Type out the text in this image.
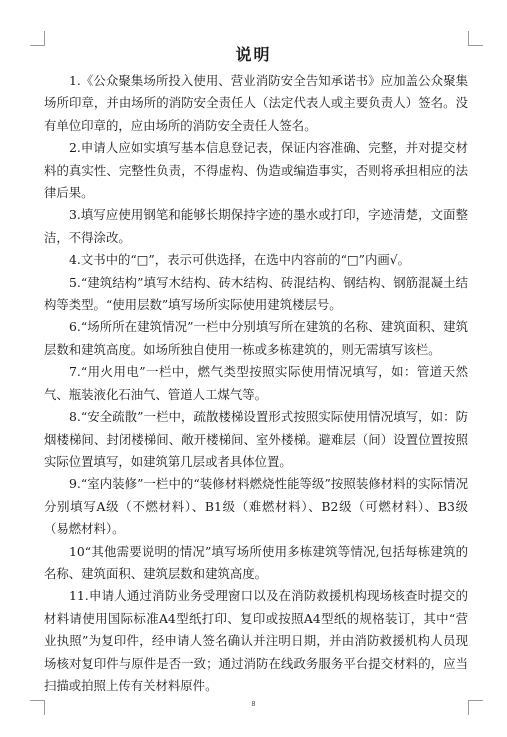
说明

1.《公众聚集场所投入使用、营业消防安全告知承诺书》应加盖公众聚集场所印章，并由场所的消防安全责任人（法定代表人或主要负责人）签名。没有单位印章的，应由场所的消防安全责任人签名。

2.申请人应如实填写基本信息登记表，保证内容准确、完整，并对提交材料的真实性、完整性负责，不得虚构、伪造或编造事实，否则将承担相应的法律后果。

3.填写应使用钢笔和能够长期保持字迹的墨水或打印，字迹清楚，文面整洁，不得涂改。

4.文书中的“□”，表示可供选择，在选中内容前的“□”内画√。

5.“建筑结构”填写木结构、砖木结构、砖混结构、钢结构、钢筋混凝土结构等类型。“使用层数”填写场所实际使用建筑楼层号。

6.“场所所在建筑情况”一栏中分别填写所在建筑的名称、建筑面积、建筑层数和建筑高度。如场所独自使用一栋或多栋建筑的，则无需填写该栏。

7.“用火用电”一栏中，燃气类型按照实际使用情况填写，如：管道天然气、瓶装液化石油气、管道人工煤气等。

8.“安全疏散”一栏中，疏散楼梯设置形式按照实际使用情况填写，如：防烟楼梯间、封闭楼梯间、敞开楼梯间、室外楼梯。避难层（间）设置位置按照实际位置填写，如建筑第几层或者具体位置。

9.“室内装修”一栏中的“装修材料燃烧性能等级”按照装修材料的实际情况分别填写A级（不燃材料）、B1级（难燃材料）、B2级（可燃材料）、B3级（易燃材料）。

10“其他需要说明的情况”填写场所使用多栋建筑等情况,包括每栋建筑的名称、建筑面积、建筑层数和建筑高度。

11.申请人通过消防业务受理窗口以及在消防救援机构现场核查时提交的材料请使用国际标准A4型纸打印、复印或按照A4型纸的规格装订，其中“营业执照”为复印件，经申请人签名确认并注明日期，并由消防救援机构人员现场核对复印件与原件是否一致；通过消防在线政务服务平台提交材料的，应当扫描或拍照上传有关材料原件。

8
